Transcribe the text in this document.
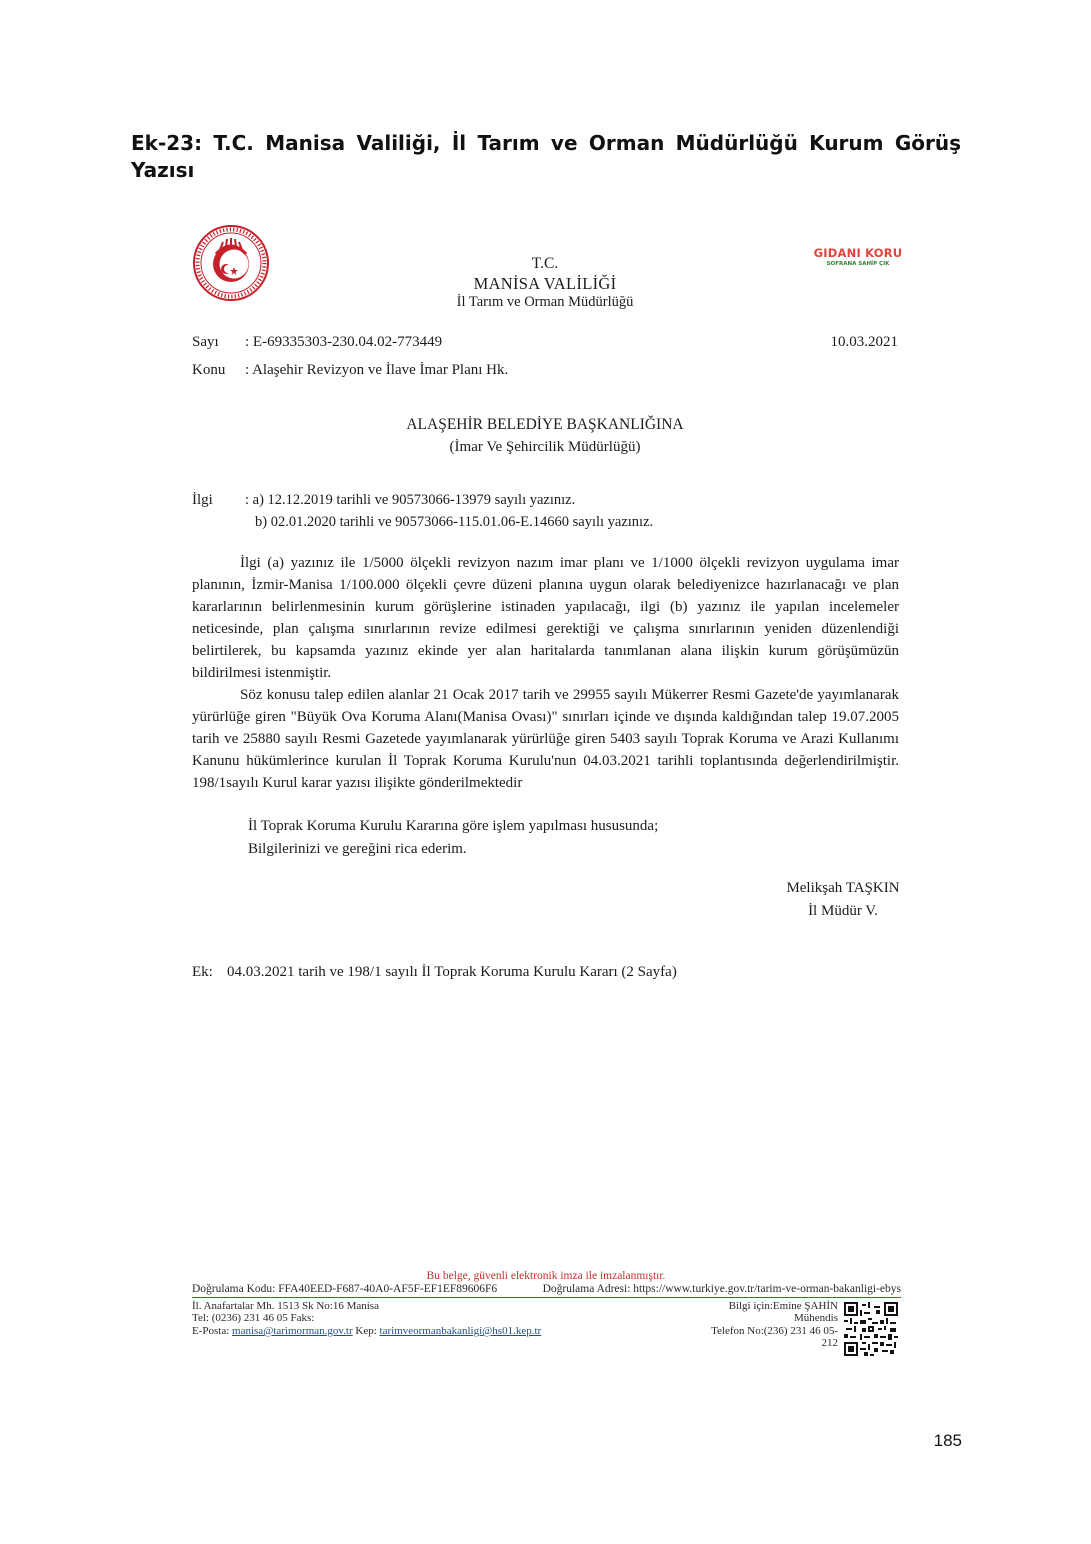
Ek-23: T.C. Manisa Valiliği, İl Tarım ve Orman Müdürlüğü Kurum Görüş Yazısı
GIDANI KORU
SOFRANA SAHİP ÇIK
T.C.
MANİSA VALİLİĞİ
İl Tarım ve Orman Müdürlüğü
Sayı : E-69335303-230.04.02-773449	10.03.2021
Konu : Alaşehir Revizyon ve İlave İmar Planı Hk.
ALAŞEHİR BELEDİYE BAŞKANLIĞINA
(İmar Ve Şehircilik Müdürlüğü)
İlgi : a) 12.12.2019 tarihli ve 90573066-13979 sayılı yazınız.
b) 02.01.2020 tarihli ve 90573066-115.01.06-E.14660 sayılı yazınız.
İlgi (a) yazınız ile 1/5000 ölçekli revizyon nazım imar planı ve 1/1000 ölçekli revizyon uygulama imar planının, İzmir-Manisa 1/100.000 ölçekli çevre düzeni planına uygun olarak belediyenizce hazırlanacağı ve plan kararlarının belirlenmesinin kurum görüşlerine istinaden yapılacağı, ilgi (b) yazınız ile yapılan incelemeler neticesinde, plan çalışma sınırlarının revize edilmesi gerektiği ve çalışma sınırlarının yeniden düzenlendiği belirtilerek, bu kapsamda yazınız ekinde yer alan haritalarda tanımlanan alana ilişkin kurum görüşümüzün bildirilmesi istenmiştir.
Söz konusu talep edilen alanlar 21 Ocak 2017 tarih ve 29955 sayılı Mükerrer Resmi Gazete'de yayımlanarak yürürlüğe giren "Büyük Ova Koruma Alanı(Manisa Ovası)" sınırları içinde ve dışında kaldığından talep 19.07.2005 tarih ve 25880 sayılı Resmi Gazetede yayımlanarak yürürlüğe giren 5403 sayılı Toprak Koruma ve Arazi Kullanımı Kanunu hükümlerince kurulan İl Toprak Koruma Kurulu'nun 04.03.2021 tarihli toplantısında değerlendirilmiştir. 198/1sayılı Kurul karar yazısı ilişikte gönderilmektedir
İl Toprak Koruma Kurulu Kararına göre işlem yapılması hususunda;
Bilgilerinizi ve gereğini rica ederim.
Melikşah TAŞKIN
İl Müdür V.
Ek: 04.03.2021 tarih ve 198/1 sayılı İl Toprak Koruma Kurulu Kararı (2 Sayfa)
Bu belge, güvenli elektronik imza ile imzalanmıştır.
Doğrulama Kodu: FFA40EED-F687-40A0-AF5F-EF1EF89606F6	Doğrulama Adresi: https://www.turkiye.gov.tr/tarim-ve-orman-bakanligi-ebys
İl. Anafartalar Mh. 1513 Sk No:16 Manisa
Tel: (0236) 231 46 05 Faks:
E-Posta: manisa@tarimorman.gov.tr Kep: tarimveormanbakanligi@hs01.kep.tr
Bilgi için:Emine ŞAHİN
Mühendis
Telefon No:(236) 231 46 05-
212
185
